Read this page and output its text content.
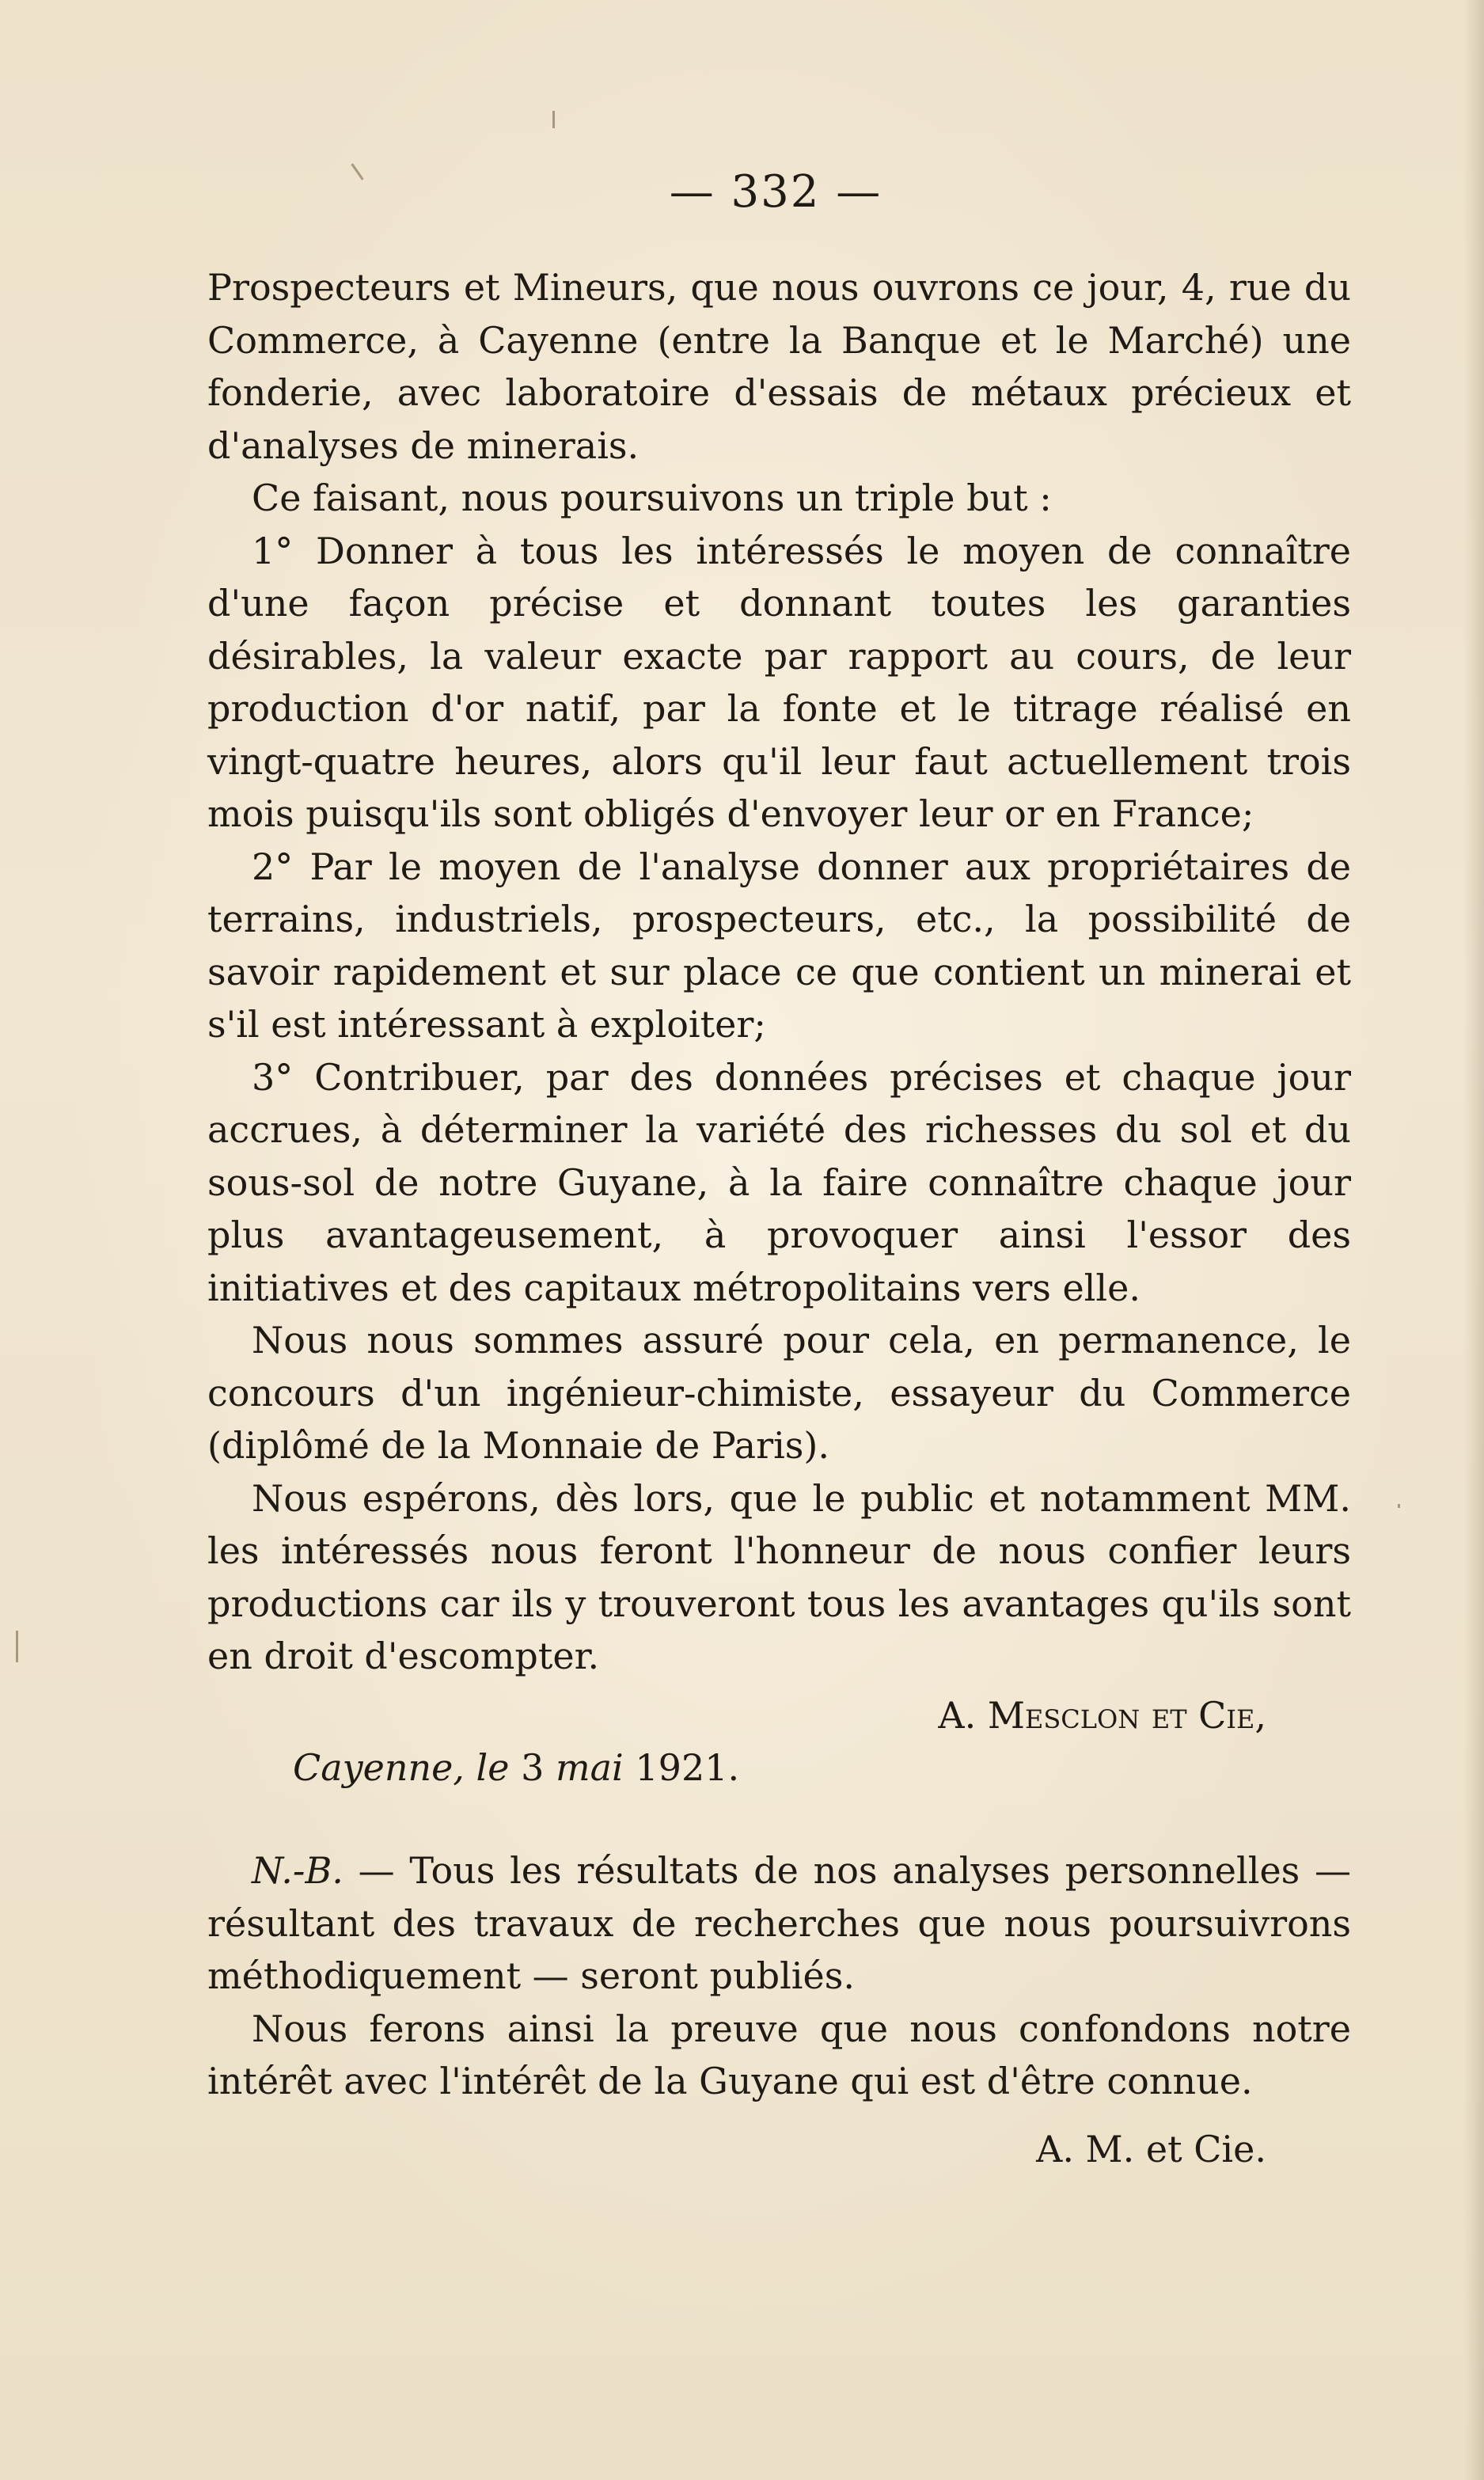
— 332 —

Prospecteurs et Mineurs, que nous ouvrons ce jour, 4, rue du Commerce, à Cayenne (entre la Banque et le Marché) une fonderie, avec laboratoire d'essais de métaux précieux et d'analyses de minerais.

Ce faisant, nous poursuivons un triple but :

1° Donner à tous les intéressés le moyen de connaître d'une façon précise et donnant toutes les garanties désirables, la valeur exacte par rapport au cours, de leur production d'or natif, par la fonte et le titrage réalisé en vingt-quatre heures, alors qu'il leur faut actuellement trois mois puisqu'ils sont obligés d'envoyer leur or en France;

2° Par le moyen de l'analyse donner aux propriétaires de terrains, industriels, prospecteurs, etc., la possibilité de savoir rapidement et sur place ce que contient un minerai et s'il est intéressant à exploiter;

3° Contribuer, par des données précises et chaque jour accrues, à déterminer la variété des richesses du sol et du sous-sol de notre Guyane, à la faire connaître chaque jour plus avantageusement, à provoquer ainsi l'essor des initiatives et des capitaux métropolitains vers elle.

Nous nous sommes assuré pour cela, en permanence, le concours d'un ingénieur-chimiste, essayeur du Commerce (diplômé de la Monnaie de Paris).

Nous espérons, dès lors, que le public et notamment MM. les intéressés nous feront l'honneur de nous confier leurs productions car ils y trouveront tous les avantages qu'ils sont en droit d'escompter.

A. Mesclon et Cie,
Cayenne, le 3 mai 1921.

N.-B. — Tous les résultats de nos analyses personnelles — résultant des travaux de recherches que nous poursuivrons méthodiquement — seront publiés.

Nous ferons ainsi la preuve que nous confondons notre intérêt avec l'intérêt de la Guyane qui est d'être connue.

A. M. et Cie.
